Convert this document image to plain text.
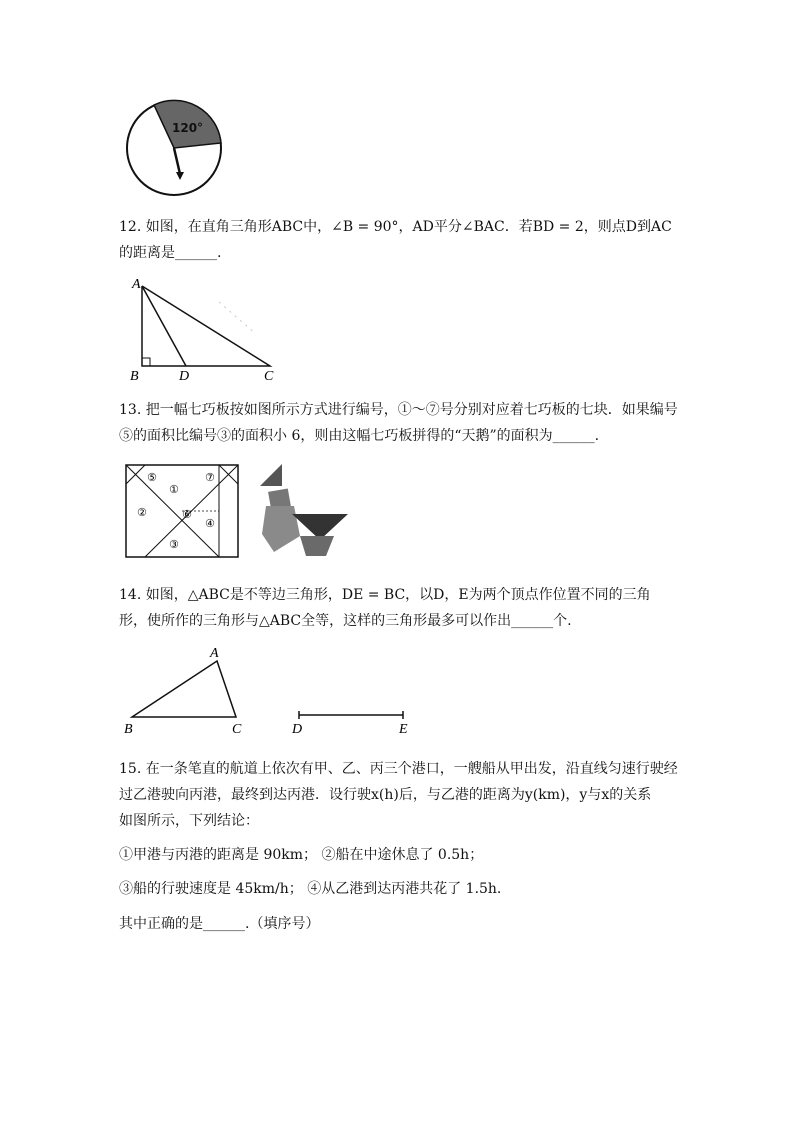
120°
12. 如图，在直角三角形ABC中，∠B = 90°，AD平分∠BAC．若BD = 2，则点D到AC
的距离是______.
A
B	D	C
13. 把一幅七巧板按如图所示方式进行编号，①～⑦号分别对应着七巧板的七块．如果编号
⑤的面积比编号③的面积小 6，则由这幅七巧板拼得的“天鹅”的面积为______.
⑤
①
⑦
②	⑥
④
③
14. 如图，△ABC是不等边三角形，DE = BC，以D，E为两个顶点作位置不同的三角
形，使所作的三角形与△ABC全等，这样的三角形最多可以作出______个.
A
B	C	D	E
15. 在一条笔直的航道上依次有甲、乙、丙三个港口，一艘船从甲出发，沿直线匀速行驶经
过乙港驶向丙港，最终到达丙港．设行驶x(h)后，与乙港的距离为y(km)，y与x的关系
如图所示，下列结论：
①甲港与丙港的距离是 90km； ②船在中途休息了 0.5h；
③船的行驶速度是 45km/h； ④从乙港到达丙港共花了 1.5h.
其中正确的是______.（填序号）
